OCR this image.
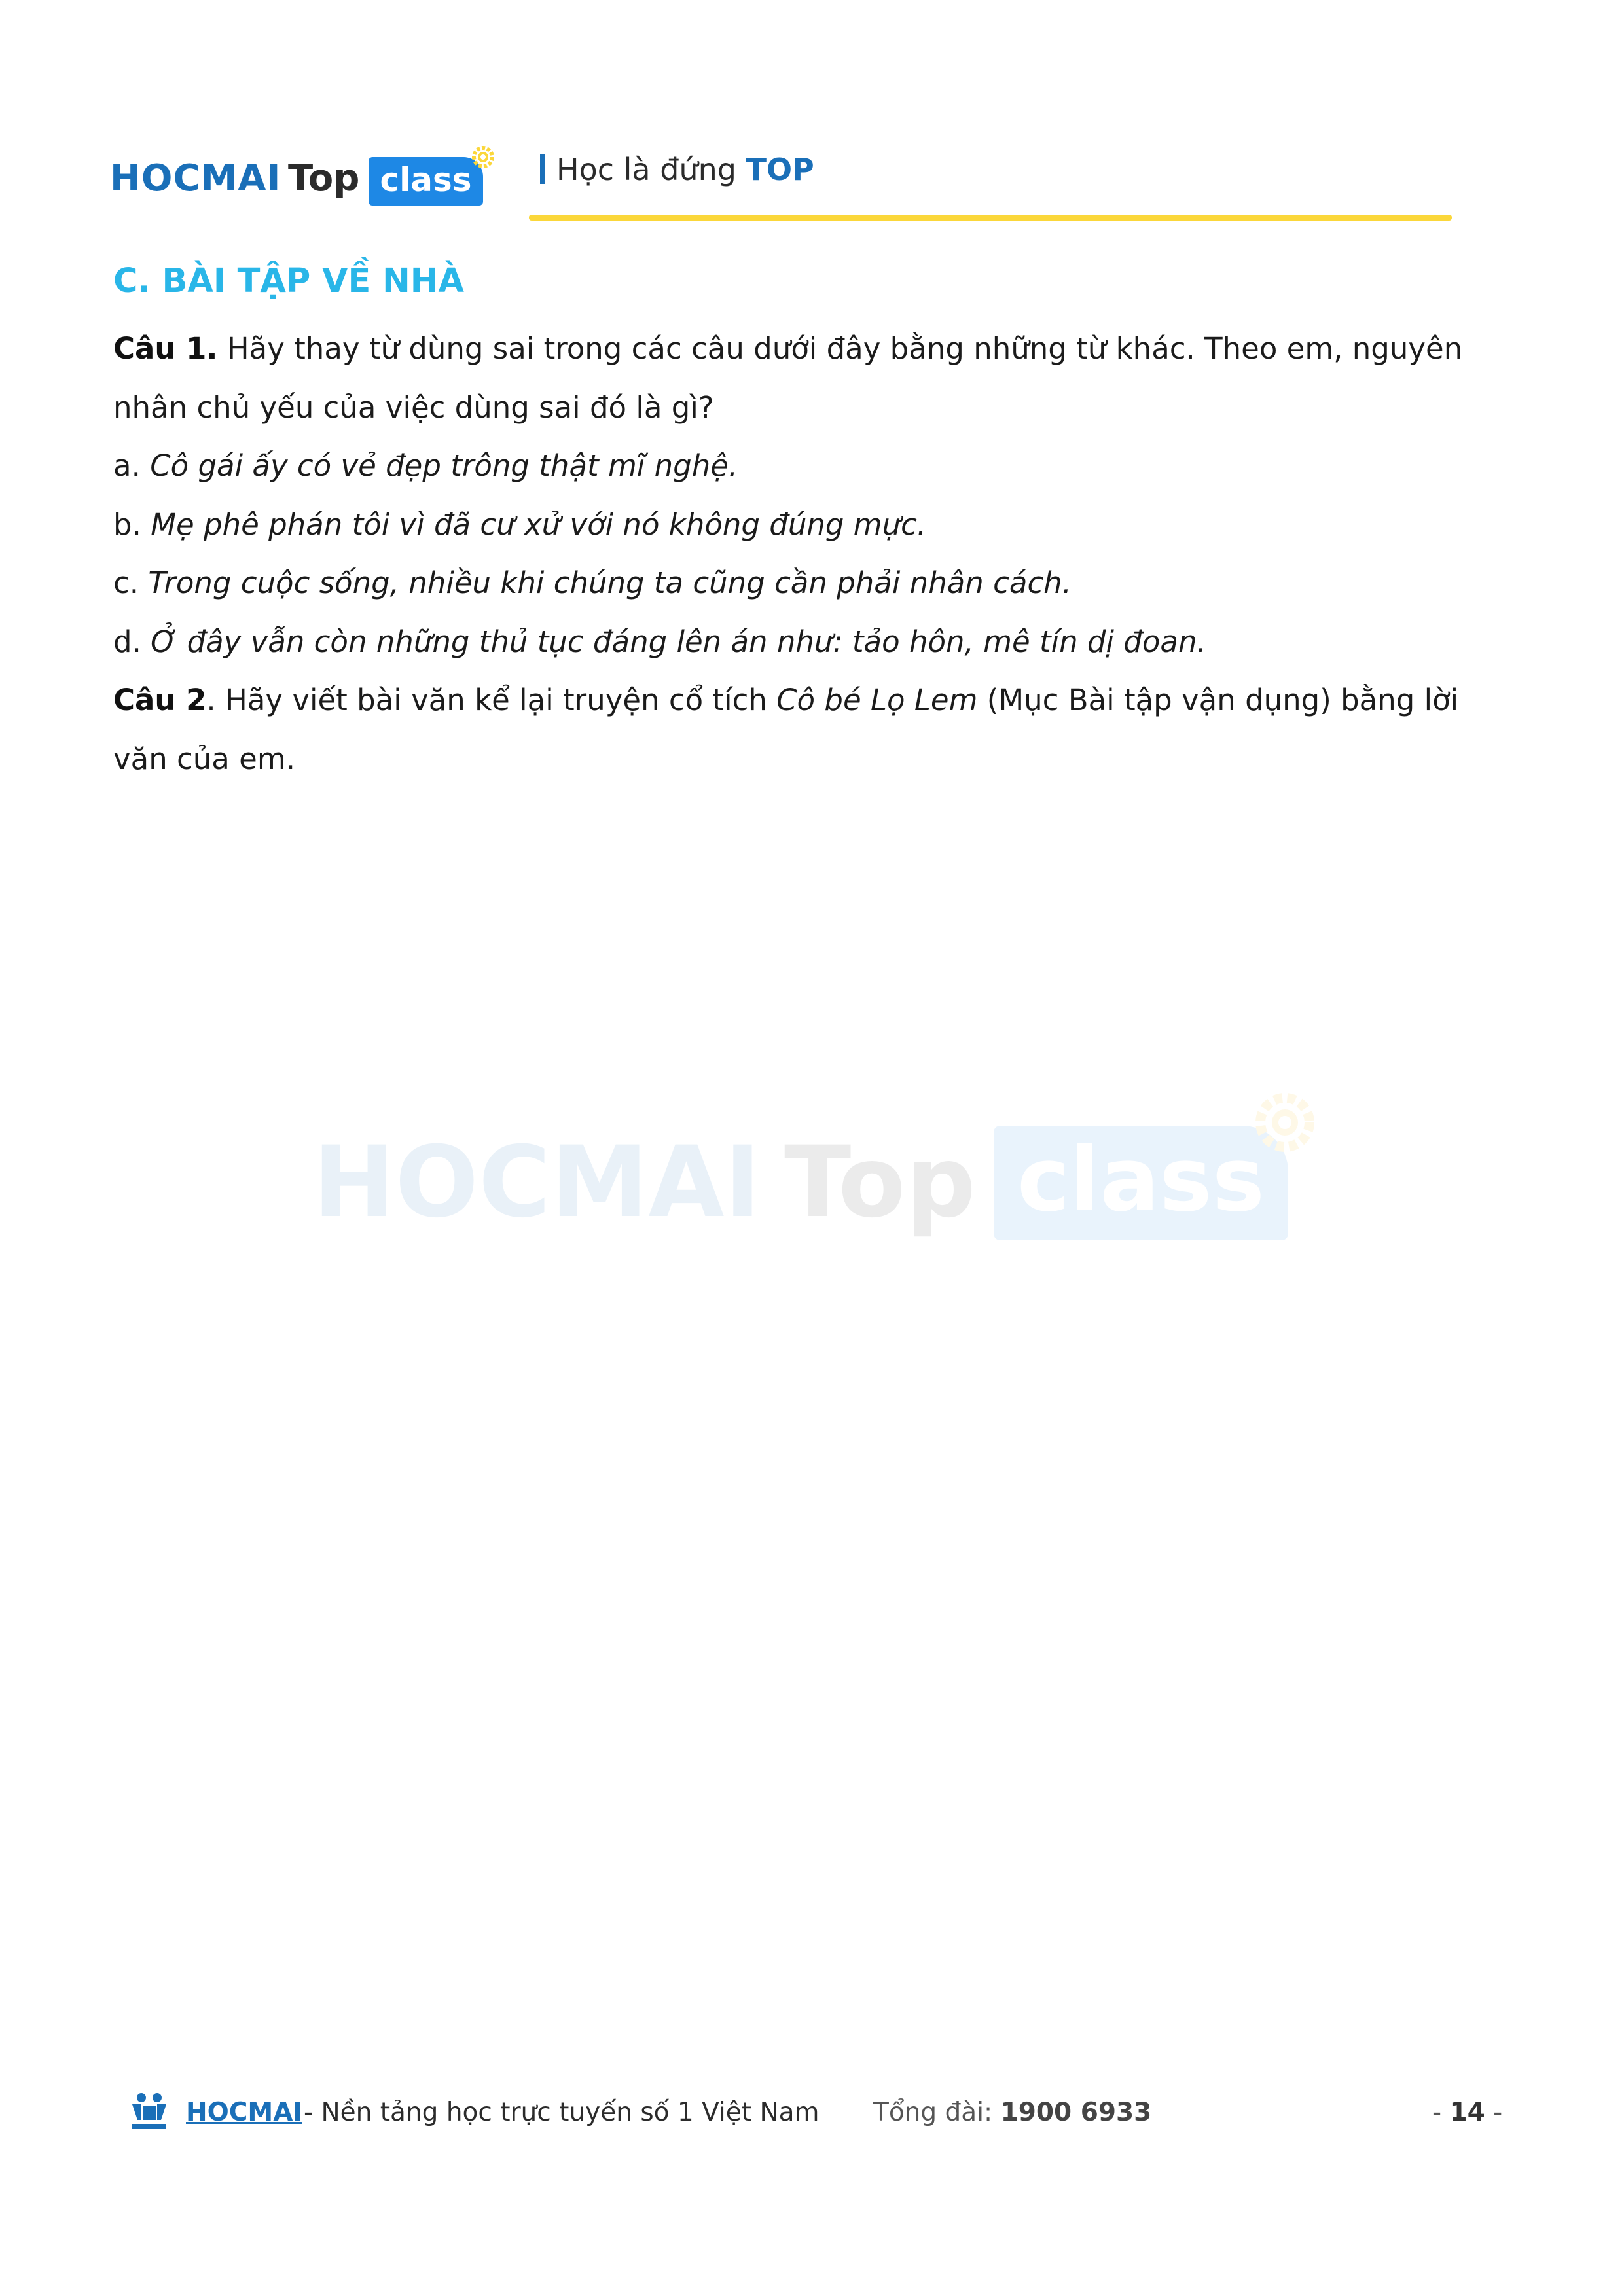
HOCMAI Top class	Học là đứng TOP
C. BÀI TẬP VỀ NHÀ

Câu 1. Hãy thay từ dùng sai trong các câu dưới đây bằng những từ khác. Theo em, nguyên nhân chủ yếu của việc dùng sai đó là gì?

a. Cô gái ấy có vẻ đẹp trông thật mĩ nghệ.

b. Mẹ phê phán tôi vì đã cư xử với nó không đúng mực.

c. Trong cuộc sống, nhiều khi chúng ta cũng cần phải nhân cách.

d. Ở đây vẫn còn những thủ tục đáng lên án như: tảo hôn, mê tín dị đoan.

Câu 2. Hãy viết bài văn kể lại truyện cổ tích Cô bé Lọ Lem (Mục Bài tập vận dụng) bằng lời văn của em.

HOCMAI Top class
HOCMAI - Nền tảng học trực tuyến số 1 Việt Nam Tổng đài: 1900 6933	- 14 -
